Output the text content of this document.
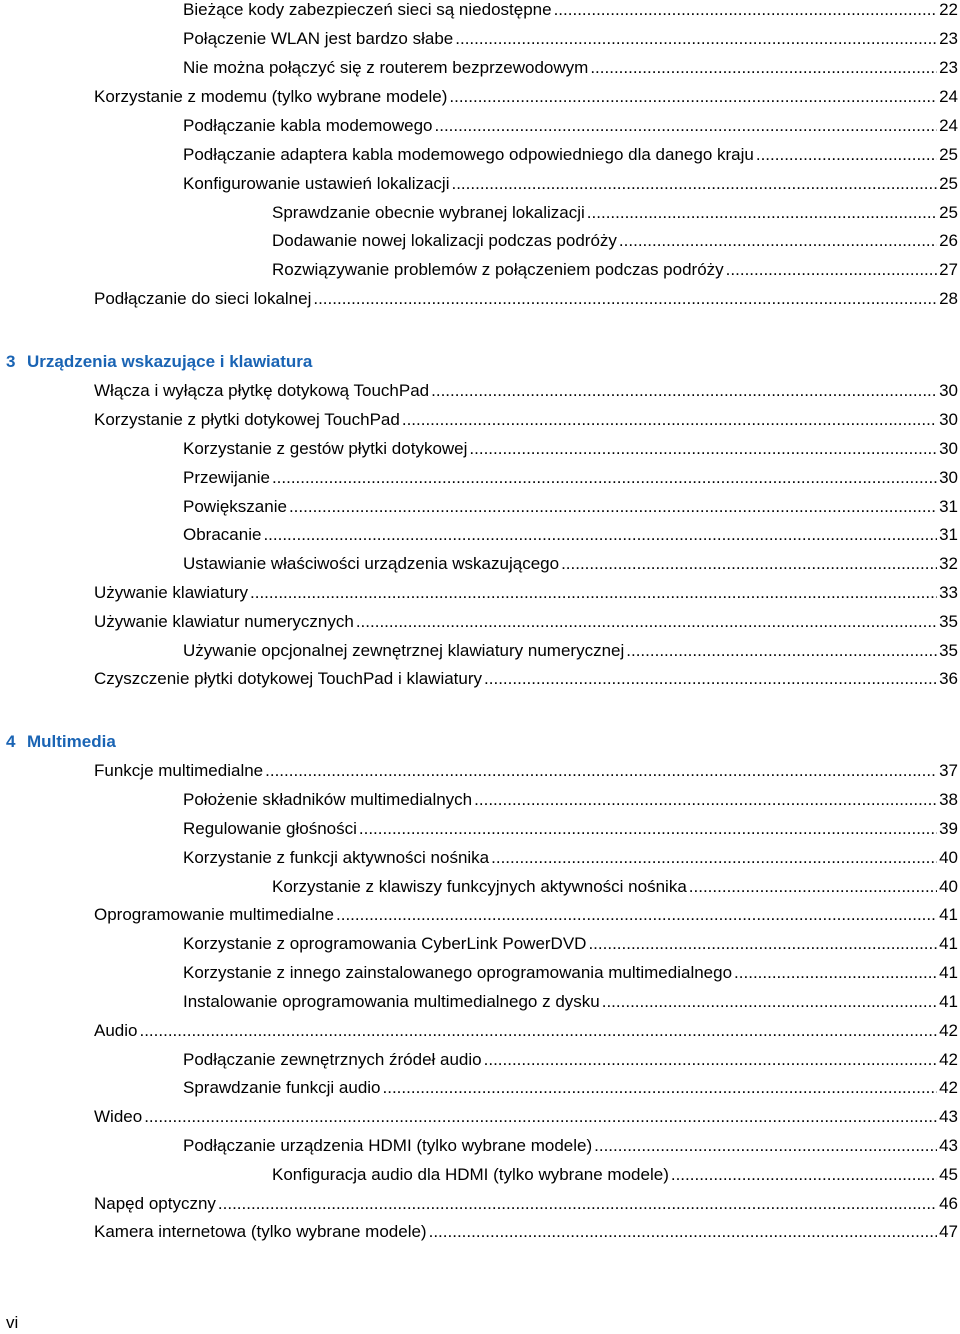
Bieżące kody zabezpieczeń sieci są niedostępne .....	22
Połączenie WLAN jest bardzo słabe .....	23
Nie można połączyć się z routerem bezprzewodowym .....	23
Korzystanie z modemu (tylko wybrane modele) .....	24
Podłączanie kabla modemowego .....	24
Podłączanie adaptera kabla modemowego odpowiedniego dla danego kraju .....	25
Konfigurowanie ustawień lokalizacji .....	25
Sprawdzanie obecnie wybranej lokalizacji .....	25
Dodawanie nowej lokalizacji podczas podróży .....	26
Rozwiązywanie problemów z połączeniem podczas podróży .....	27
Podłączanie do sieci lokalnej .....	28
3 Urządzenia wskazujące i klawiatura
Włącza i wyłącza płytkę dotykową TouchPad .....	30
Korzystanie z płytki dotykowej TouchPad .....	30
Korzystanie z gestów płytki dotykowej .....	30
Przewijanie .....	30
Powiększanie .....	31
Obracanie .....	31
Ustawianie właściwości urządzenia wskazującego .....	32
Używanie klawiatury .....	33
Używanie klawiatur numerycznych .....	35
Używanie opcjonalnej zewnętrznej klawiatury numerycznej .....	35
Czyszczenie płytki dotykowej TouchPad i klawiatury .....	36
4 Multimedia
Funkcje multimedialne .....	37
Położenie składników multimedialnych .....	38
Regulowanie głośności .....	39
Korzystanie z funkcji aktywności nośnika .....	40
Korzystanie z klawiszy funkcyjnych aktywności nośnika .....	40
Oprogramowanie multimedialne .....	41
Korzystanie z oprogramowania CyberLink PowerDVD .....	41
Korzystanie z innego zainstalowanego oprogramowania multimedialnego .....	41
Instalowanie oprogramowania multimedialnego z dysku .....	41
Audio .....	42
Podłączanie zewnętrznych źródeł audio .....	42
Sprawdzanie funkcji audio .....	42
Wideo .....	43
Podłączanie urządzenia HDMI (tylko wybrane modele) .....	43
Konfiguracja audio dla HDMI (tylko wybrane modele) .....	45
Napęd optyczny .....	46
Kamera internetowa (tylko wybrane modele) .....	47
vi
